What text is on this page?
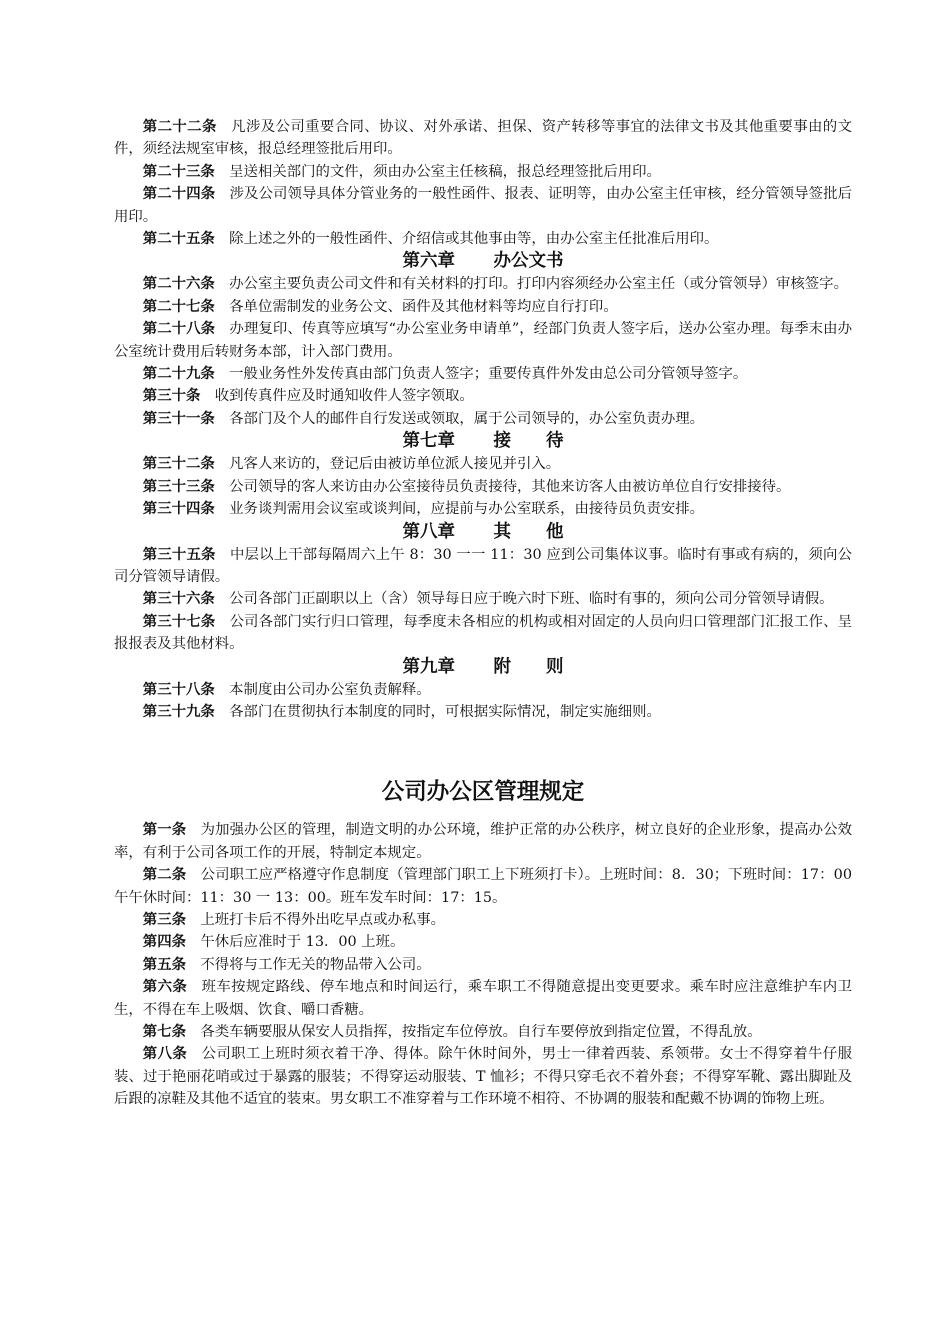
第二十二条 凡涉及公司重要合同、协议、对外承诺、担保、资产转移等事宜的法律文书及其他重要事由的文件，须经法规室审核，报总经理签批后用印。

第二十三条 呈送相关部门的文件，须由办公室主任核稿，报总经理签批后用印。

第二十四条 涉及公司领导具体分管业务的一般性函件、报表、证明等，由办公室主任审核，经分管领导签批后用印。

第二十五条 除上述之外的一般性函件、介绍信或其他事由等，由办公室主任批准后用印。

第六章 办公文书

第二十六条 办公室主要负责公司文件和有关材料的打印。打印内容须经办公室主任（或分管领导）审核签字。

第二十七条 各单位需制发的业务公文、函件及其他材料等均应自行打印。

第二十八条 办理复印、传真等应填写“办公室业务申请单”，经部门负责人签字后，送办公室办理。每季末由办公室统计费用后转财务本部，计入部门费用。

第二十九条 一般业务性外发传真由部门负责人签字；重要传真件外发由总公司分管领导签字。

第三十条 收到传真件应及时通知收件人签字领取。

第三十一条 各部门及个人的邮件自行发送或领取，属于公司领导的，办公室负责办理。

第七章 接　　待

第三十二条 凡客人来访的，登记后由被访单位派人接见并引入。

第三十三条 公司领导的客人来访由办公室接待员负责接待，其他来访客人由被访单位自行安排接待。

第三十四条 业务谈判需用会议室或谈判间，应提前与办公室联系，由接待员负责安排。

第八章 其　　他

第三十五条 中层以上干部每隔周六上午 8：30 一一 11：30 应到公司集体议事。临时有事或有病的，须向公司分管领导请假。

第三十六条 公司各部门正副职以上（含）领导每日应于晚六时下班、临时有事的，须向公司分管领导请假。

第三十七条 公司各部门实行归口管理，每季度未各相应的机构或相对固定的人员向归口管理部门汇报工作、呈报报表及其他材料。

第九章 附　　则

第三十八条 本制度由公司办公室负责解释。

第三十九条 各部门在贯彻执行本制度的同时，可根据实际情况，制定实施细则。

公司办公区管理规定

第一条 为加强办公区的管理，制造文明的办公环境，维护正常的办公秩序，树立良好的企业形象，提高办公效率，有利于公司各项工作的开展，特制定本规定。

第二条 公司职工应严格遵守作息制度（管理部门职工上下班须打卡）。上班时间：8．30；下班时间：17：00 午午休时间：11：30 一 13：00。班车发车时间：17：15。

第三条 上班打卡后不得外出吃早点或办私事。

第四条 午休后应准时于 13．00 上班。

第五条 不得将与工作无关的物品带入公司。

第六条 班车按规定路线、停车地点和时间运行，乘车职工不得随意提出变更要求。乘车时应注意维护车内卫生，不得在车上吸烟、饮食、嚼口香糖。

第七条 各类车辆要服从保安人员指挥，按指定车位停放。自行车要停放到指定位置，不得乱放。

第八条 公司职工上班时须衣着干净、得体。除午休时间外，男士一律着西装、系领带。女士不得穿着牛仔服装、过于艳丽花哨或过于暴露的服装；不得穿运动服装、T 恤衫；不得只穿毛衣不着外套；不得穿军靴、露出脚趾及后跟的凉鞋及其他不适宜的装束。男女职工不准穿着与工作环境不相符、不协调的服装和配戴不协调的饰物上班。
